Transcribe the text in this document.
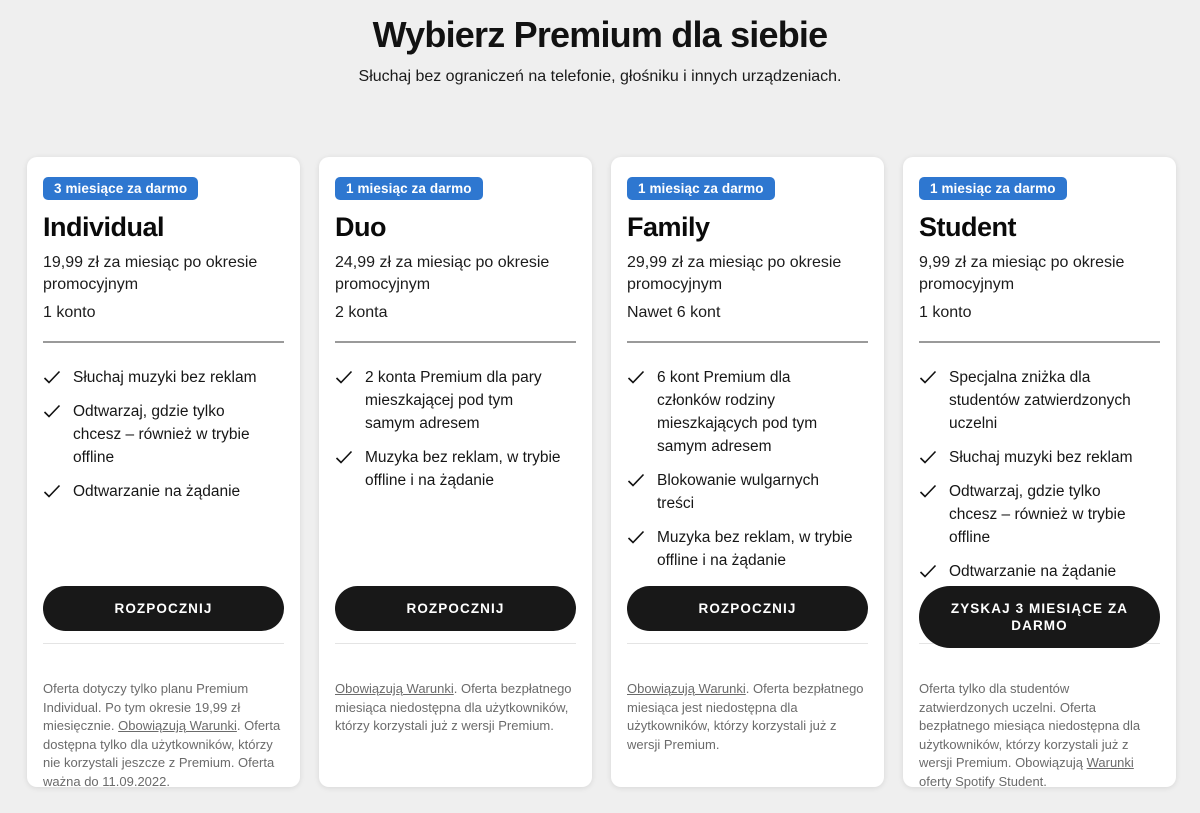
Wybierz Premium dla siebie

Słuchaj bez ograniczeń na telefonie, głośniku i innych urządzeniach.

3 miesiące za darmo
Individual

19,99 zł za miesiąc po okresie promocyjnym

1 konto

Słuchaj muzyki bez reklam
Odtwarzaj, gdzie tylko chcesz – również w trybie offline
Odtwarzanie na żądanie
ROZPOCZNIJ

Oferta dotyczy tylko planu Premium Individual. Po tym okresie 19,99 zł miesięcznie. Obowiązują Warunki. Oferta dostępna tylko dla użytkowników, którzy nie korzystali jeszcze z Premium. Oferta ważna do 11.09.2022.

1 miesiąc za darmo
Duo

24,99 zł za miesiąc po okresie promocyjnym

2 konta

2 konta Premium dla pary mieszkającej pod tym samym adresem
Muzyka bez reklam, w trybie offline i na żądanie
ROZPOCZNIJ

Obowiązują Warunki. Oferta bezpłatnego miesiąca niedostępna dla użytkowników, którzy korzystali już z wersji Premium.

1 miesiąc za darmo
Family

29,99 zł za miesiąc po okresie promocyjnym

Nawet 6 kont

6 kont Premium dla członków rodziny mieszkających pod tym samym adresem
Blokowanie wulgarnych treści
Muzyka bez reklam, w trybie offline i na żądanie
ROZPOCZNIJ

Obowiązują Warunki. Oferta bezpłatnego miesiąca jest niedostępna dla użytkowników, którzy korzystali już z wersji Premium.

1 miesiąc za darmo
Student

9,99 zł za miesiąc po okresie promocyjnym

1 konto

Specjalna zniżka dla studentów zatwierdzonych uczelni
Słuchaj muzyki bez reklam
Odtwarzaj, gdzie tylko chcesz – również w trybie offline
Odtwarzanie na żądanie
ZYSKAJ 3 MIESIĄCE ZA DARMO

Oferta tylko dla studentów zatwierdzonych uczelni. Oferta bezpłatnego miesiąca niedostępna dla użytkowników, którzy korzystali już z wersji Premium. Obowiązują Warunki oferty Spotify Student.
